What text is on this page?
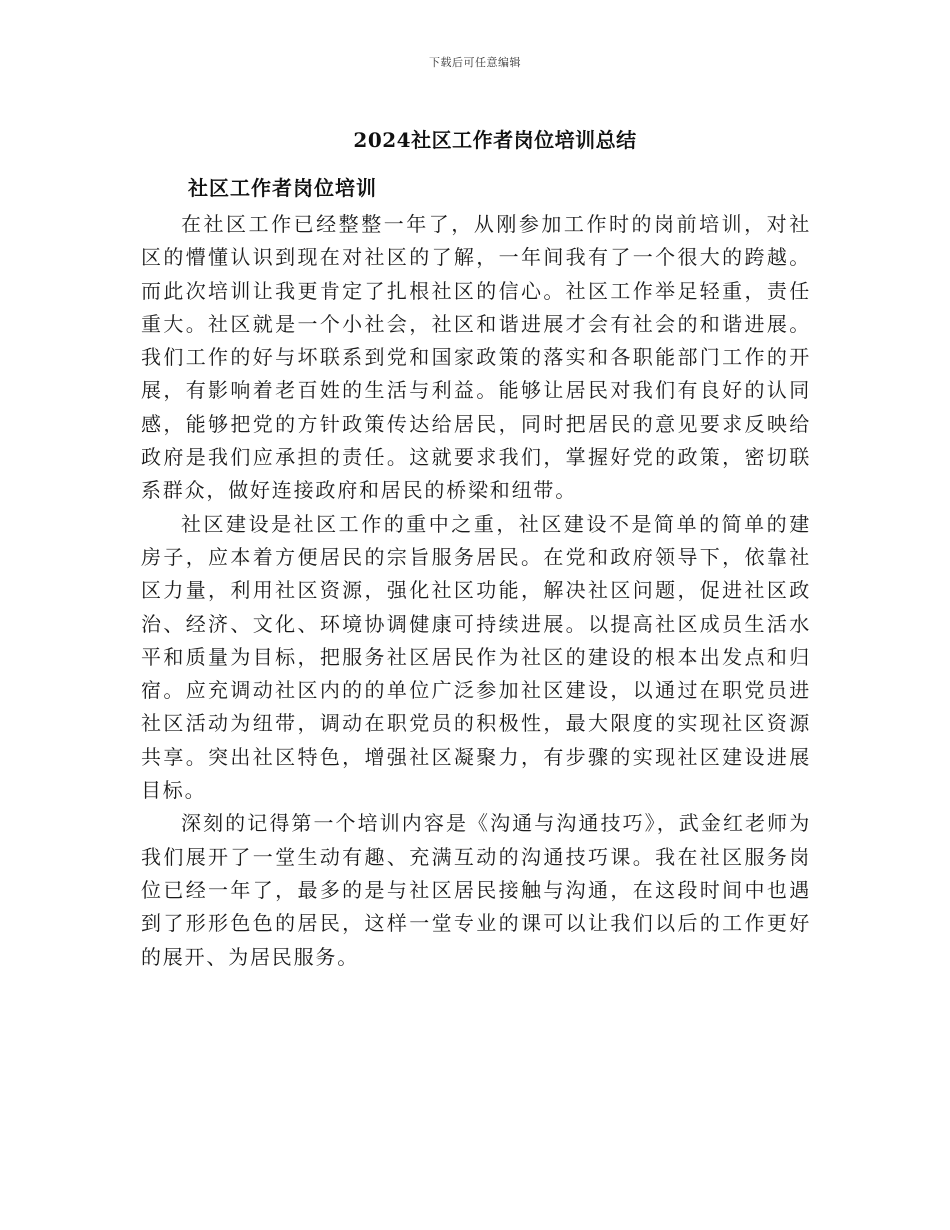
下载后可任意编辑
2024社区工作者岗位培训总结
社区工作者岗位培训

在社区工作已经整整一年了，从刚参加工作时的岗前培训，对社区的懵懂认识到现在对社区的了解，一年间我有了一个很大的跨越。而此次培训让我更肯定了扎根社区的信心。社区工作举足轻重，责任重大。社区就是一个小社会，社区和谐进展才会有社会的和谐进展。我们工作的好与坏联系到党和国家政策的落实和各职能部门工作的开展，有影响着老百姓的生活与利益。能够让居民对我们有良好的认同感，能够把党的方针政策传达给居民，同时把居民的意见要求反映给政府是我们应承担的责任。这就要求我们，掌握好党的政策，密切联系群众，做好连接政府和居民的桥梁和纽带。

社区建设是社区工作的重中之重，社区建设不是简单的简单的建房子，应本着方便居民的宗旨服务居民。在党和政府领导下，依靠社区力量，利用社区资源，强化社区功能，解决社区问题，促进社区政治、经济、文化、环境协调健康可持续进展。以提高社区成员生活水平和质量为目标，把服务社区居民作为社区的建设的根本出发点和归宿。应充调动社区内的的单位广泛参加社区建设，以通过在职党员进社区活动为纽带，调动在职党员的积极性，最大限度的实现社区资源共享。突出社区特色，增强社区凝聚力，有步骤的实现社区建设进展目标。

深刻的记得第一个培训内容是《沟通与沟通技巧》，武金红老师为我们展开了一堂生动有趣、充满互动的沟通技巧课。我在社区服务岗位已经一年了，最多的是与社区居民接触与沟通，在这段时间中也遇到了形形色色的居民，这样一堂专业的课可以让我们以后的工作更好的展开、为居民服务。
